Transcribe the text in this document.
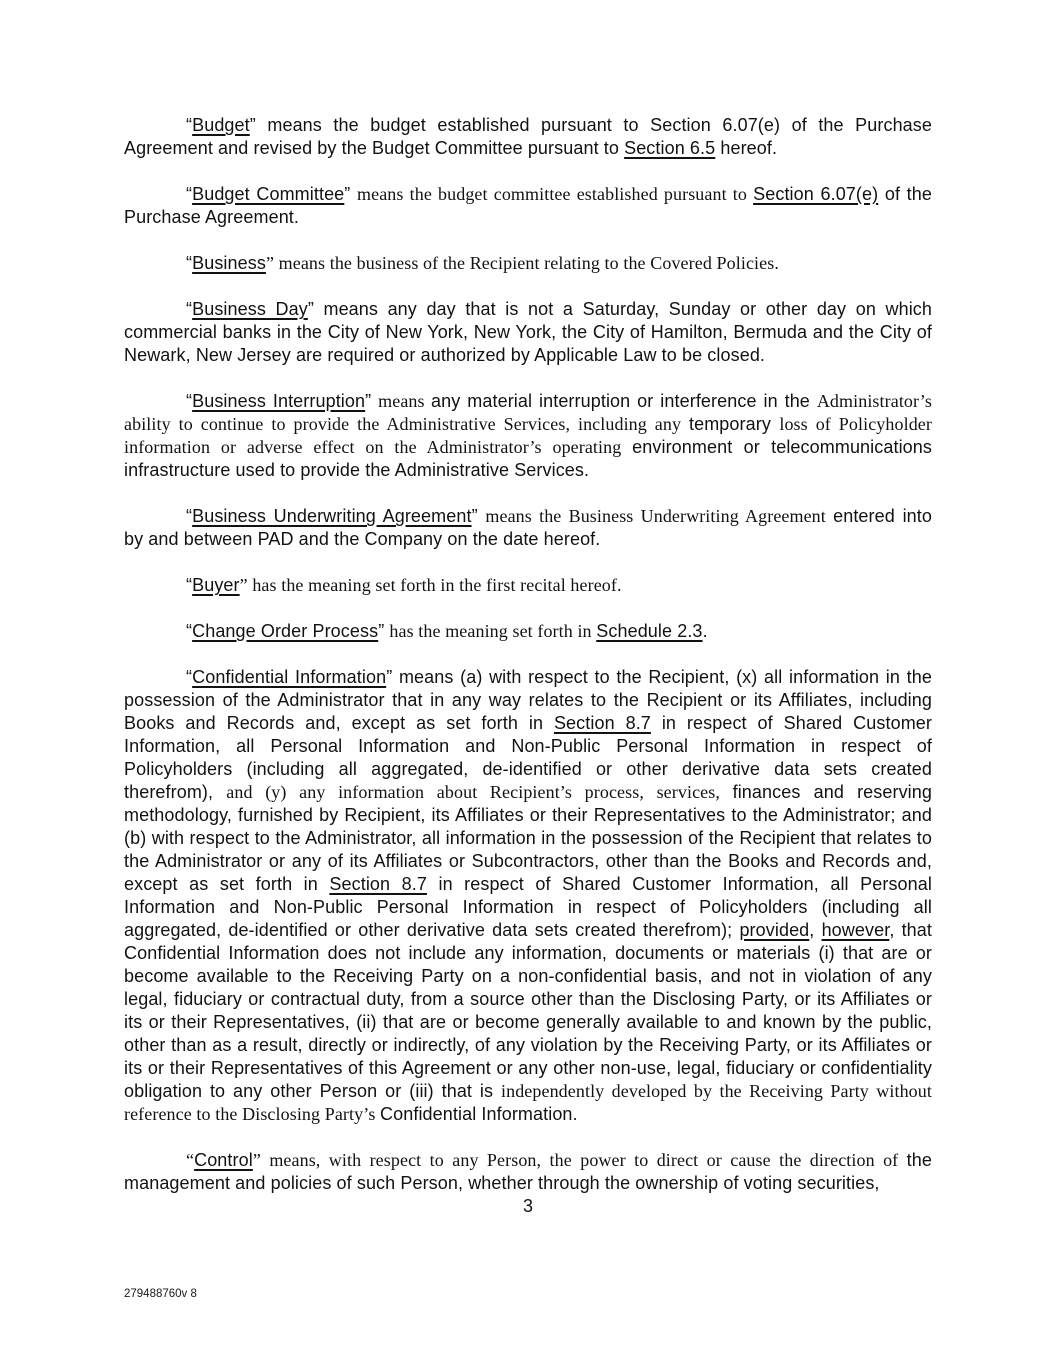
“Budget” means the budget established pursuant to Section 6.07(e) of the Purchase Agreement and revised by the Budget Committee pursuant to Section 6.5 hereof.

“Budget Committee” means the budget committee established pursuant to Section 6.07(e) of the Purchase Agreement.

“Business” means the business of the Recipient relating to the Covered Policies.

“Business Day” means any day that is not a Saturday, Sunday or other day on which commercial banks in the City of New York, New York, the City of Hamilton, Bermuda and the City of Newark, New Jersey are required or authorized by Applicable Law to be closed.

“Business Interruption” means any material interruption or interference in the Administrator’s ability to continue to provide the Administrative Services, including any temporary loss of Policyholder information or adverse effect on the Administrator’s operating environment or telecommunications infrastructure used to provide the Administrative Services.

“Business Underwriting Agreement” means the Business Underwriting Agreement entered into by and between PAD and the Company on the date hereof.

“Buyer” has the meaning set forth in the first recital hereof.

“Change Order Process” has the meaning set forth in Schedule 2.3.

“Confidential Information” means (a) with respect to the Recipient, (x) all information in the possession of the Administrator that in any way relates to the Recipient or its Affiliates, including Books and Records and, except as set forth in Section 8.7 in respect of Shared Customer Information, all Personal Information and Non-Public Personal Information in respect of Policyholders (including all aggregated, de-identified or other derivative data sets created therefrom), and (y) any information about Recipient’s process, services, finances and reserving methodology, furnished by Recipient, its Affiliates or their Representatives to the Administrator; and (b) with respect to the Administrator, all information in the possession of the Recipient that relates to the Administrator or any of its Affiliates or Subcontractors, other than the Books and Records and, except as set forth in Section 8.7 in respect of Shared Customer Information, all Personal Information and Non-Public Personal Information in respect of Policyholders (including all aggregated, de-identified or other derivative data sets created therefrom); provided, however, that Confidential Information does not include any information, documents or materials (i) that are or become available to the Receiving Party on a non-confidential basis, and not in violation of any legal, fiduciary or contractual duty, from a source other than the Disclosing Party, or its Affiliates or its or their Representatives, (ii) that are or become generally available to and known by the public, other than as a result, directly or indirectly, of any violation by the Receiving Party, or its Affiliates or its or their Representatives of this Agreement or any other non-use, legal, fiduciary or confidentiality obligation to any other Person or (iii) that is independently developed by the Receiving Party without reference to the Disclosing Party’s Confidential Information.

“Control” means, with respect to any Person, the power to direct or cause the direction of the management and policies of such Person, whether through the ownership of voting securities,

3
279488760v 8
